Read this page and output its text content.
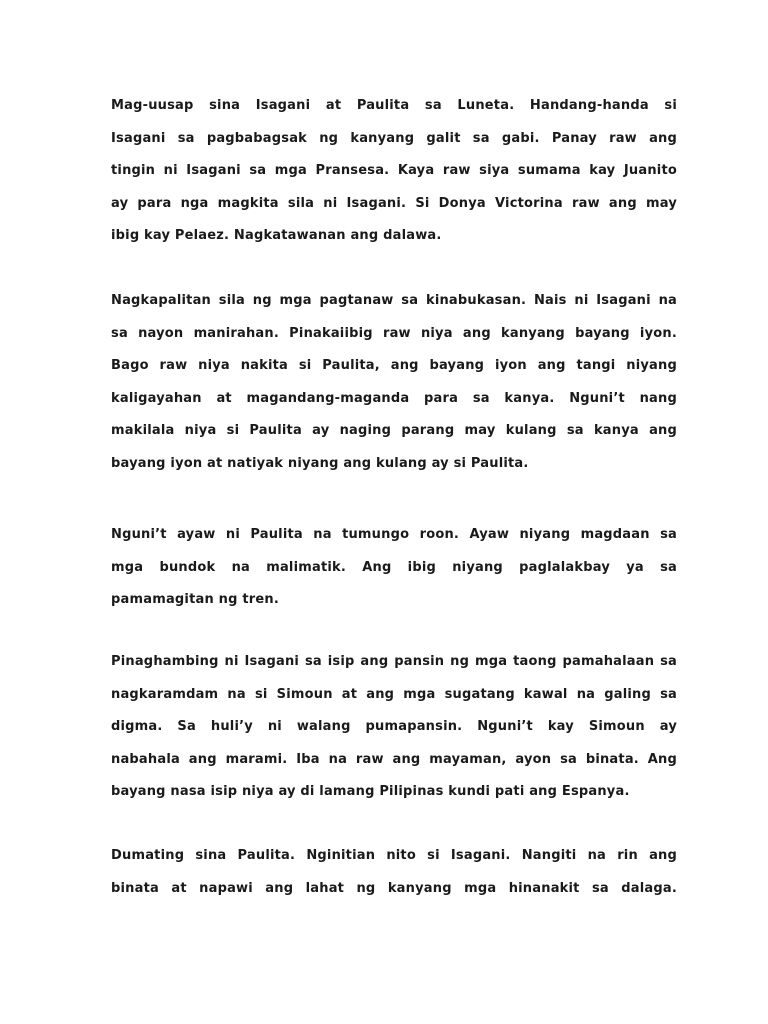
Mag-uusap sina Isagani at Paulita sa Luneta. Handang-handa si
Isagani sa pagbabagsak ng kanyang galit sa gabi. Panay raw ang
tingin ni Isagani sa mga Pransesa. Kaya raw siya sumama kay Juanito
ay para nga magkita sila ni Isagani. Si Donya Victorina raw ang may
ibig kay Pelaez. Nagkatawanan ang dalawa.
Nagkapalitan sila ng mga pagtanaw sa kinabukasan. Nais ni Isagani na
sa nayon manirahan. Pinakaiibig raw niya ang kanyang bayang iyon.
Bago raw niya nakita si Paulita, ang bayang iyon ang tangi niyang
kaligayahan at magandang-maganda para sa kanya. Nguni’t nang
makilala niya si Paulita ay naging parang may kulang sa kanya ang
bayang iyon at natiyak niyang ang kulang ay si Paulita.
Nguni’t ayaw ni Paulita na tumungo roon. Ayaw niyang magdaan sa
mga bundok na malimatik. Ang ibig niyang paglalakbay ya sa
pamamagitan ng tren.
Pinaghambing ni Isagani sa isip ang pansin ng mga taong pamahalaan sa
nagkaramdam na si Simoun at ang mga sugatang kawal na galing sa
digma. Sa huli’y ni walang pumapansin. Nguni’t kay Simoun ay
nabahala ang marami. Iba na raw ang mayaman, ayon sa binata. Ang
bayang nasa isip niya ay di lamang Pilipinas kundi pati ang Espanya.
Dumating sina Paulita. Nginitian nito si Isagani. Nangiti na rin ang
binata at napawi ang lahat ng kanyang mga hinanakit sa dalaga.
